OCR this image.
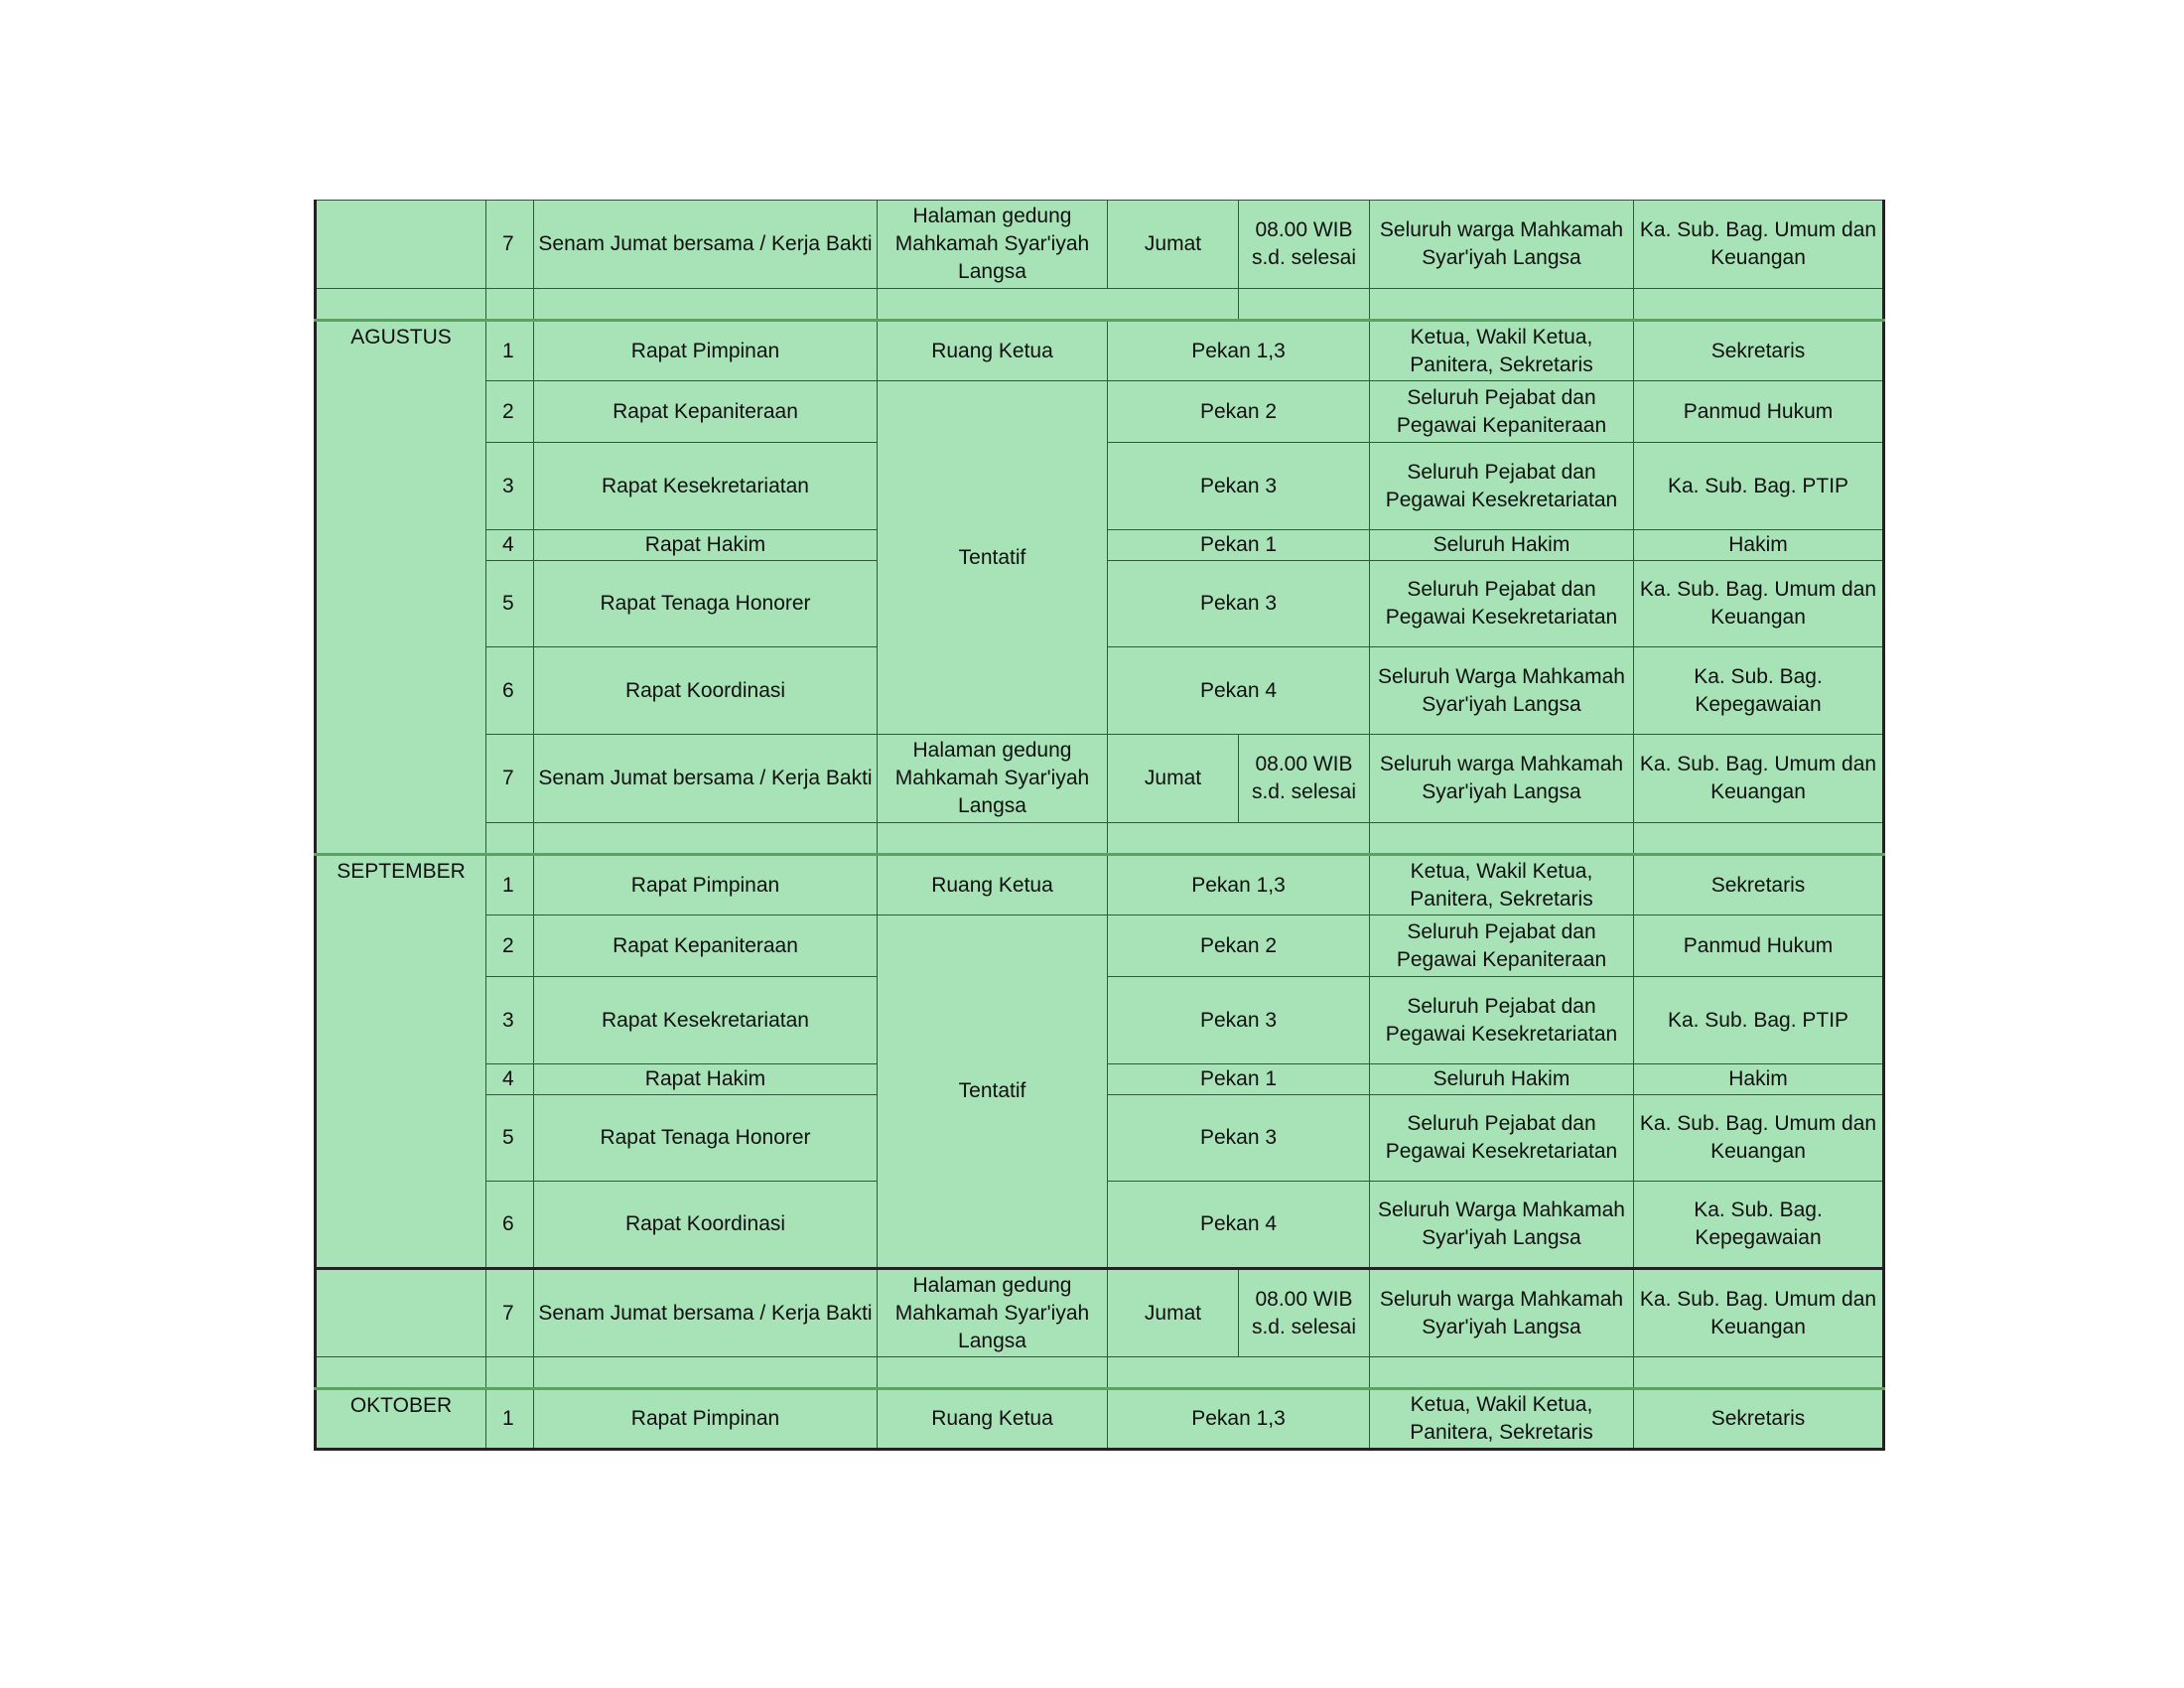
	7	Senam Jumat bersama / Kerja Bakti	Halaman gedung Mahkamah Syar'iyah Langsa	Jumat	08.00 WIB s.d. selesai	Seluruh warga Mahkamah Syar'iyah Langsa	Ka. Sub. Bag. Umum dan Keuangan

AGUSTUS	1	Rapat Pimpinan	Ruang Ketua	Pekan 1,3		Ketua, Wakil Ketua, Panitera, Sekretaris	Sekretaris
	2	Rapat Kepaniteraan	Tentatif	Pekan 2		Seluruh Pejabat dan Pegawai Kepaniteraan	Panmud Hukum
	3	Rapat Kesekretariatan		Pekan 3		Seluruh Pejabat dan Pegawai Kesekretariatan	Ka. Sub. Bag. PTIP
	4	Rapat Hakim		Pekan 1		Seluruh Hakim	Hakim
	5	Rapat Tenaga Honorer		Pekan 3		Seluruh Pejabat dan Pegawai Kesekretariatan	Ka. Sub. Bag. Umum dan Keuangan
	6	Rapat Koordinasi		Pekan 4		Seluruh Warga Mahkamah Syar'iyah Langsa	Ka. Sub. Bag. Kepegawaian
	7	Senam Jumat bersama / Kerja Bakti	Halaman gedung Mahkamah Syar'iyah Langsa	Jumat	08.00 WIB s.d. selesai	Seluruh warga Mahkamah Syar'iyah Langsa	Ka. Sub. Bag. Umum dan Keuangan

SEPTEMBER	1	Rapat Pimpinan	Ruang Ketua	Pekan 1,3		Ketua, Wakil Ketua, Panitera, Sekretaris	Sekretaris
	2	Rapat Kepaniteraan	Tentatif	Pekan 2		Seluruh Pejabat dan Pegawai Kepaniteraan	Panmud Hukum
	3	Rapat Kesekretariatan		Pekan 3		Seluruh Pejabat dan Pegawai Kesekretariatan	Ka. Sub. Bag. PTIP
	4	Rapat Hakim		Pekan 1		Seluruh Hakim	Hakim
	5	Rapat Tenaga Honorer		Pekan 3		Seluruh Pejabat dan Pegawai Kesekretariatan	Ka. Sub. Bag. Umum dan Keuangan
	6	Rapat Koordinasi		Pekan 4		Seluruh Warga Mahkamah Syar'iyah Langsa	Ka. Sub. Bag. Kepegawaian
	7	Senam Jumat bersama / Kerja Bakti	Halaman gedung Mahkamah Syar'iyah Langsa	Jumat	08.00 WIB s.d. selesai	Seluruh warga Mahkamah Syar'iyah Langsa	Ka. Sub. Bag. Umum dan Keuangan

OKTOBER	1	Rapat Pimpinan	Ruang Ketua	Pekan 1,3		Ketua, Wakil Ketua, Panitera, Sekretaris	Sekretaris
